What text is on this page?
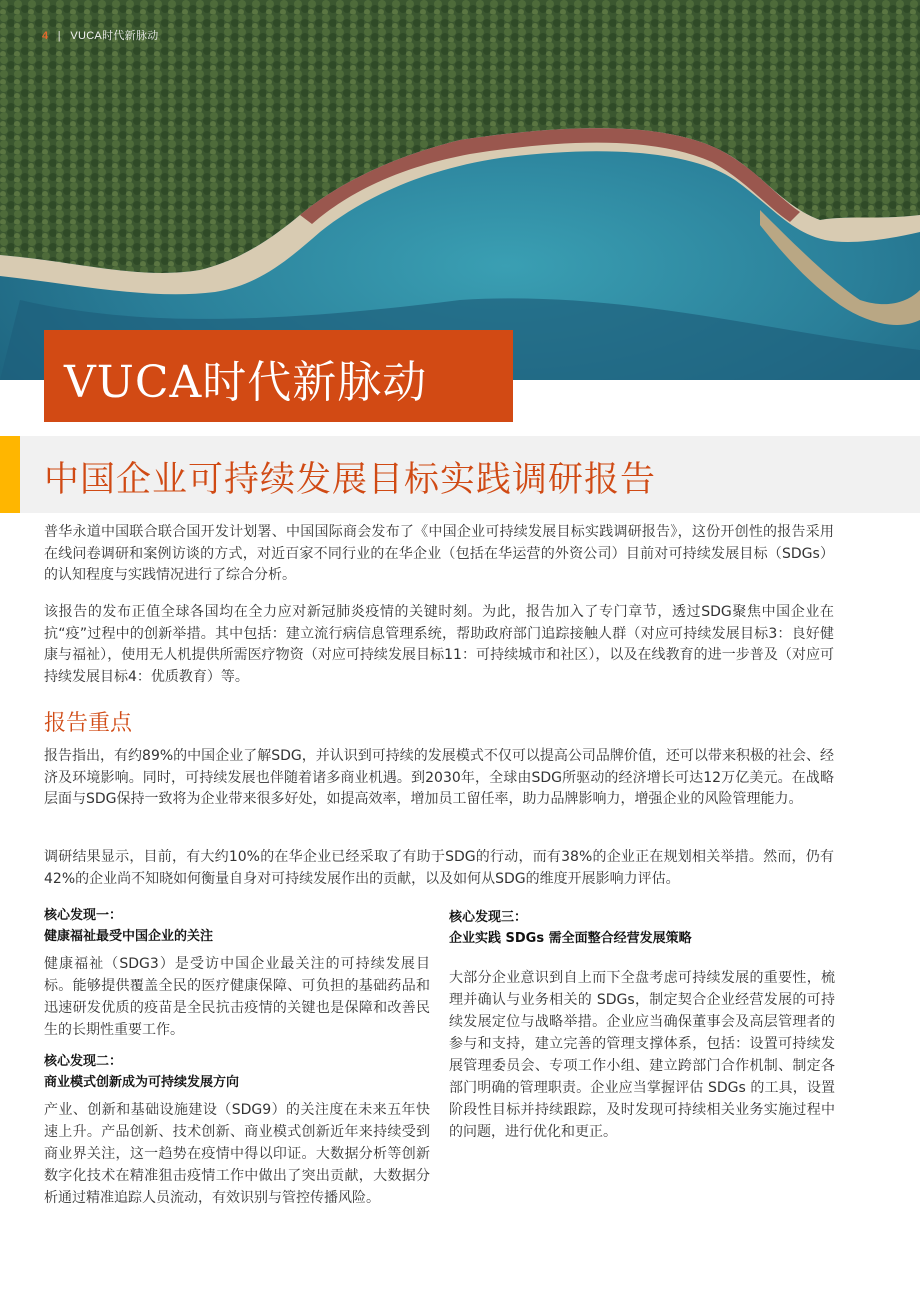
4 | VUCA时代新脉动
VUCA时代新脉动
中国企业可持续发展目标实践调研报告

普华永道中国联合联合国开发计划署、中国国际商会发布了《中国企业可持续发展目标实践调研报告》，这份开创性的报告采用在线问卷调研和案例访谈的方式，对近百家不同行业的在华企业（包括在华运营的外资公司）目前对可持续发展目标（SDGs）的认知程度与实践情况进行了综合分析。

该报告的发布正值全球各国均在全力应对新冠肺炎疫情的关键时刻。为此，报告加入了专门章节，透过SDG聚焦中国企业在抗“疫”过程中的创新举措。其中包括：建立流行病信息管理系统，帮助政府部门追踪接触人群（对应可持续发展目标3：良好健康与福祉），使用无人机提供所需医疗物资（对应可持续发展目标11：可持续城市和社区），以及在线教育的进一步普及（对应可持续发展目标4：优质教育）等。

报告重点

报告指出，有约89%的中国企业了解SDG，并认识到可持续的发展模式不仅可以提高公司品牌价值，还可以带来积极的社会、经济及环境影响。同时，可持续发展也伴随着诸多商业机遇。到2030年，全球由SDG所驱动的经济增长可达12万亿美元。在战略层面与SDG保持一致将为企业带来很多好处，如提高效率，增加员工留任率，助力品牌影响力，增强企业的风险管理能力。

调研结果显示，目前，有大约10%的在华企业已经采取了有助于SDG的行动，而有38%的企业正在规划相关举措。然而，仍有42%的企业尚不知晓如何衡量自身对可持续发展作出的贡献，以及如何从SDG的维度开展影响力评估。

核心发现一：

健康福祉最受中国企业的关注

健康福祉（SDG3）是受访中国企业最关注的可持续发展目标。能够提供覆盖全民的医疗健康保障、可负担的基础药品和迅速研发优质的疫苗是全民抗击疫情的关键也是保障和改善民生的长期性重要工作。

核心发现二：

商业模式创新成为可持续发展方向

产业、创新和基础设施建设（SDG9）的关注度在未来五年快速上升。产品创新、技术创新、商业模式创新近年来持续受到商业界关注，这一趋势在疫情中得以印证。大数据分析等创新数字化技术在精准狙击疫情工作中做出了突出贡献，大数据分析通过精准追踪人员流动，有效识别与管控传播风险。

核心发现三：

企业实践 SDGs 需全面整合经营发展策略

大部分企业意识到自上而下全盘考虑可持续发展的重要性，梳理并确认与业务相关的 SDGs，制定契合企业经营发展的可持续发展定位与战略举措。企业应当确保董事会及高层管理者的参与和支持，建立完善的管理支撑体系，包括：设置可持续发展管理委员会、专项工作小组、建立跨部门合作机制、制定各部门明确的管理职责。企业应当掌握评估 SDGs 的工具，设置阶段性目标并持续跟踪，及时发现可持续相关业务实施过程中的问题，进行优化和更正。
